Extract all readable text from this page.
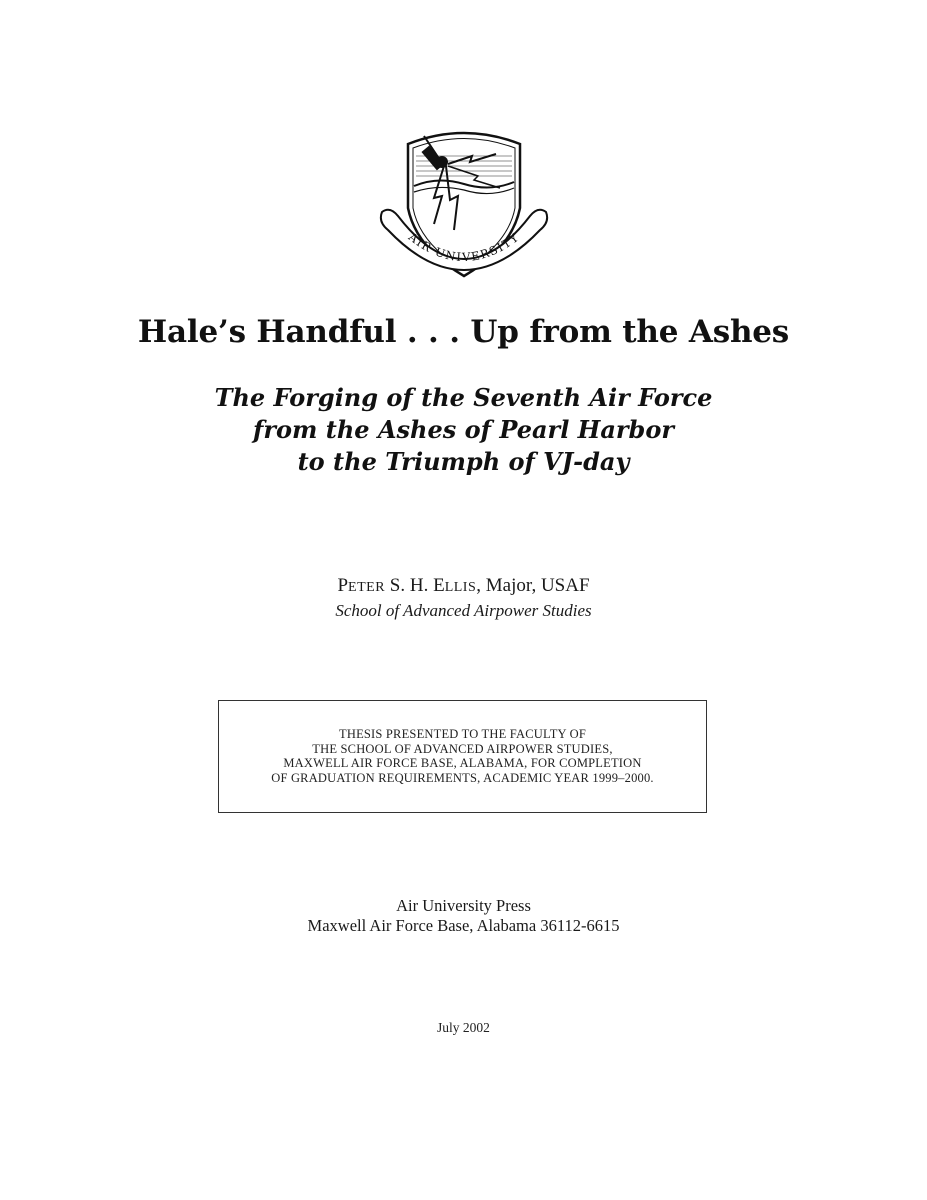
AIR UNIVERSITY
Hale’s Handful . . . Up from the Ashes
The Forging of the Seventh Air Force
from the Ashes of Pearl Harbor
to the Triumph of VJ-day
PETER S. H. ELLIS, Major, USAF
School of Advanced Airpower Studies
THESIS PRESENTED TO THE FACULTY OF
THE SCHOOL OF ADVANCED AIRPOWER STUDIES,
MAXWELL AIR FORCE BASE, ALABAMA, FOR COMPLETION
OF GRADUATION REQUIREMENTS, ACADEMIC YEAR 1999–2000.
Air University Press
Maxwell Air Force Base, Alabama 36112-6615
July 2002
